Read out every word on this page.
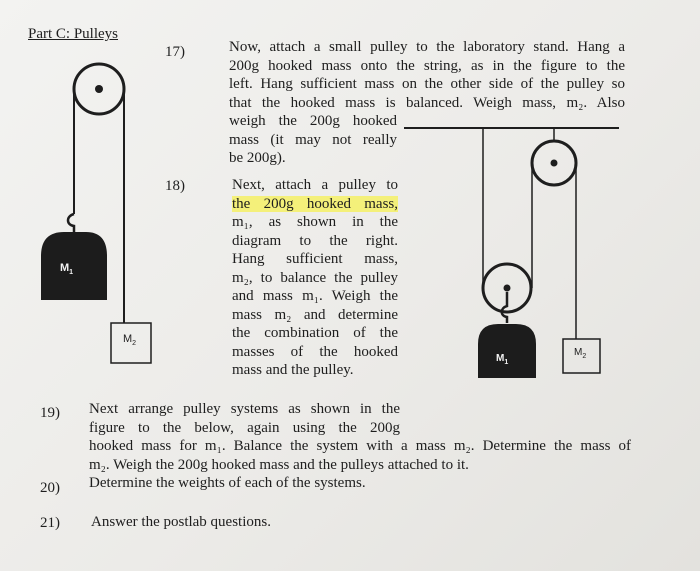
Part C: Pulleys
$M_1$
$M_2$
$M_1$
$M_2$
17)	Now, attach a small pulley to the laboratory stand. Hang a
200g hooked mass onto the string, as in the figure to the
left. Hang sufficient mass on the other side of the pulley so
that the hooked mass is balanced. Weigh mass, m₂. Also
weigh the 200g hooked
mass (it may not really
be 200g).
18)	Next, attach a pulley to
the 200g hooked mass,
m₁, as shown in the
diagram to the right.
Hang sufficient mass,
m₂, to balance the pulley
and mass m₁. Weigh the
mass m₂ and determine
the combination of the
masses of the hooked
mass and the pulley.
19) Next arrange pulley systems as shown in the
figure to the below, again using the 200g
hooked mass for m₁. Balance the system with a mass m₂. Determine the mass of
m₂. Weigh the 200g hooked mass and the pulleys attached to it.
20) Determine the weights of each of the systems.
21) Answer the postlab questions.
